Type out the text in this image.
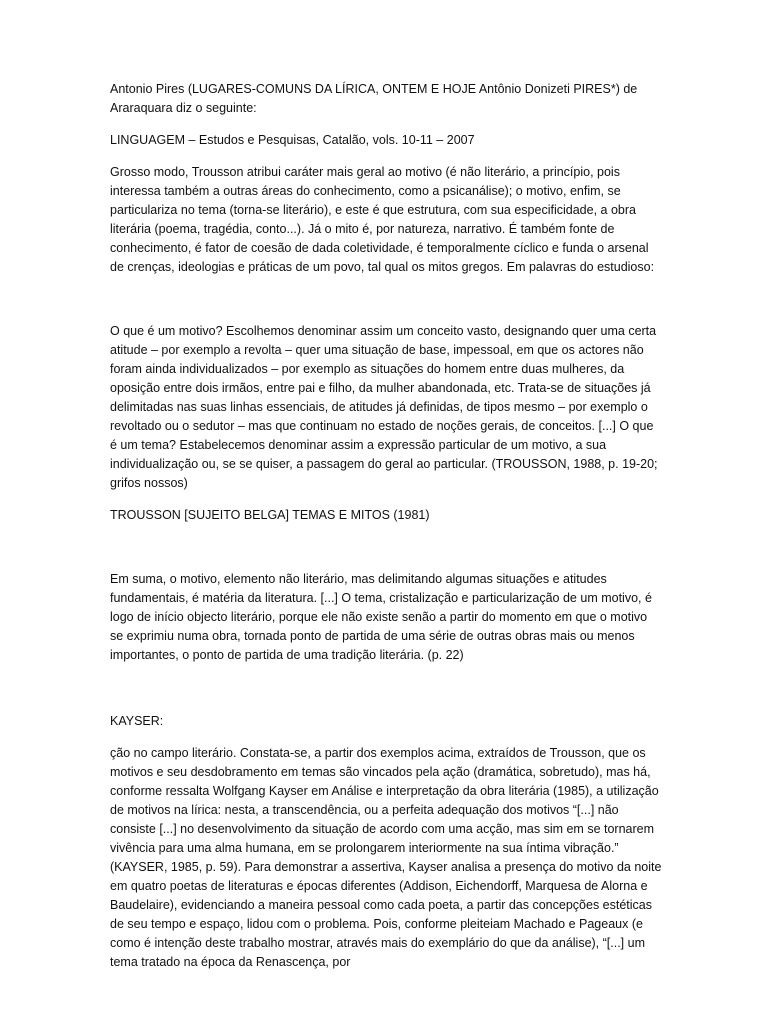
Antonio Pires (LUGARES-COMUNS DA LÍRICA, ONTEM E HOJE Antônio Donizeti PIRES*) de Araraquara diz o seguinte:

LINGUAGEM – Estudos e Pesquisas, Catalão, vols. 10-11 – 2007

Grosso modo, Trousson atribui caráter mais geral ao motivo (é não literário, a princípio, pois interessa também a outras áreas do conhecimento, como a psicanálise); o motivo, enfim, se particulariza no tema (torna-se literário), e este é que estrutura, com sua especificidade, a obra literária (poema, tragédia, conto...). Já o mito é, por natureza, narrativo. É também fonte de conhecimento, é fator de coesão de dada coletividade, é temporalmente cíclico e funda o arsenal de crenças, ideologias e práticas de um povo, tal qual os mitos gregos. Em palavras do estudioso:

O que é um motivo? Escolhemos denominar assim um conceito vasto, designando quer uma certa atitude – por exemplo a revolta – quer uma situação de base, impessoal, em que os actores não foram ainda individualizados – por exemplo as situações do homem entre duas mulheres, da oposição entre dois irmãos, entre pai e filho, da mulher abandonada, etc. Trata-se de situações já delimitadas nas suas linhas essenciais, de atitudes já definidas, de tipos mesmo – por exemplo o revoltado ou o sedutor – mas que continuam no estado de noções gerais, de conceitos. [...] O que é um tema? Estabelecemos denominar assim a expressão particular de um motivo, a sua individualização ou, se se quiser, a passagem do geral ao particular. (TROUSSON, 1988, p. 19-20; grifos nossos)

TROUSSON [SUJEITO BELGA] TEMAS E MITOS (1981)

Em suma, o motivo, elemento não literário, mas delimitando algumas situações e atitudes fundamentais, é matéria da literatura. [...] O tema, cristalização e particularização de um motivo, é logo de início objecto literário, porque ele não existe senão a partir do momento em que o motivo se exprimiu numa obra, tornada ponto de partida de uma série de outras obras mais ou menos importantes, o ponto de partida de uma tradição literária. (p. 22)

KAYSER:

ção no campo literário. Constata-se, a partir dos exemplos acima, extraídos de Trousson, que os motivos e seu desdobramento em temas são vincados pela ação (dramática, sobretudo), mas há, conforme ressalta Wolfgang Kayser em Análise e interpretação da obra literária (1985), a utilização de motivos na lírica: nesta, a transcendência, ou a perfeita adequação dos motivos “[...] não consiste [...] no desenvolvimento da situação de acordo com uma acção, mas sim em se tornarem vivência para uma alma humana, em se prolongarem interiormente na sua íntima vibração.” (KAYSER, 1985, p. 59). Para demonstrar a assertiva, Kayser analisa a presença do motivo da noite em quatro poetas de literaturas e épocas diferentes (Addison, Eichendorff, Marquesa de Alorna e Baudelaire), evidenciando a maneira pessoal como cada poeta, a partir das concepções estéticas de seu tempo e espaço, lidou com o problema. Pois, conforme pleiteiam Machado e Pageaux (e como é intenção deste trabalho mostrar, através mais do exemplário do que da análise), “[...] um tema tratado na época da Renascença, por
